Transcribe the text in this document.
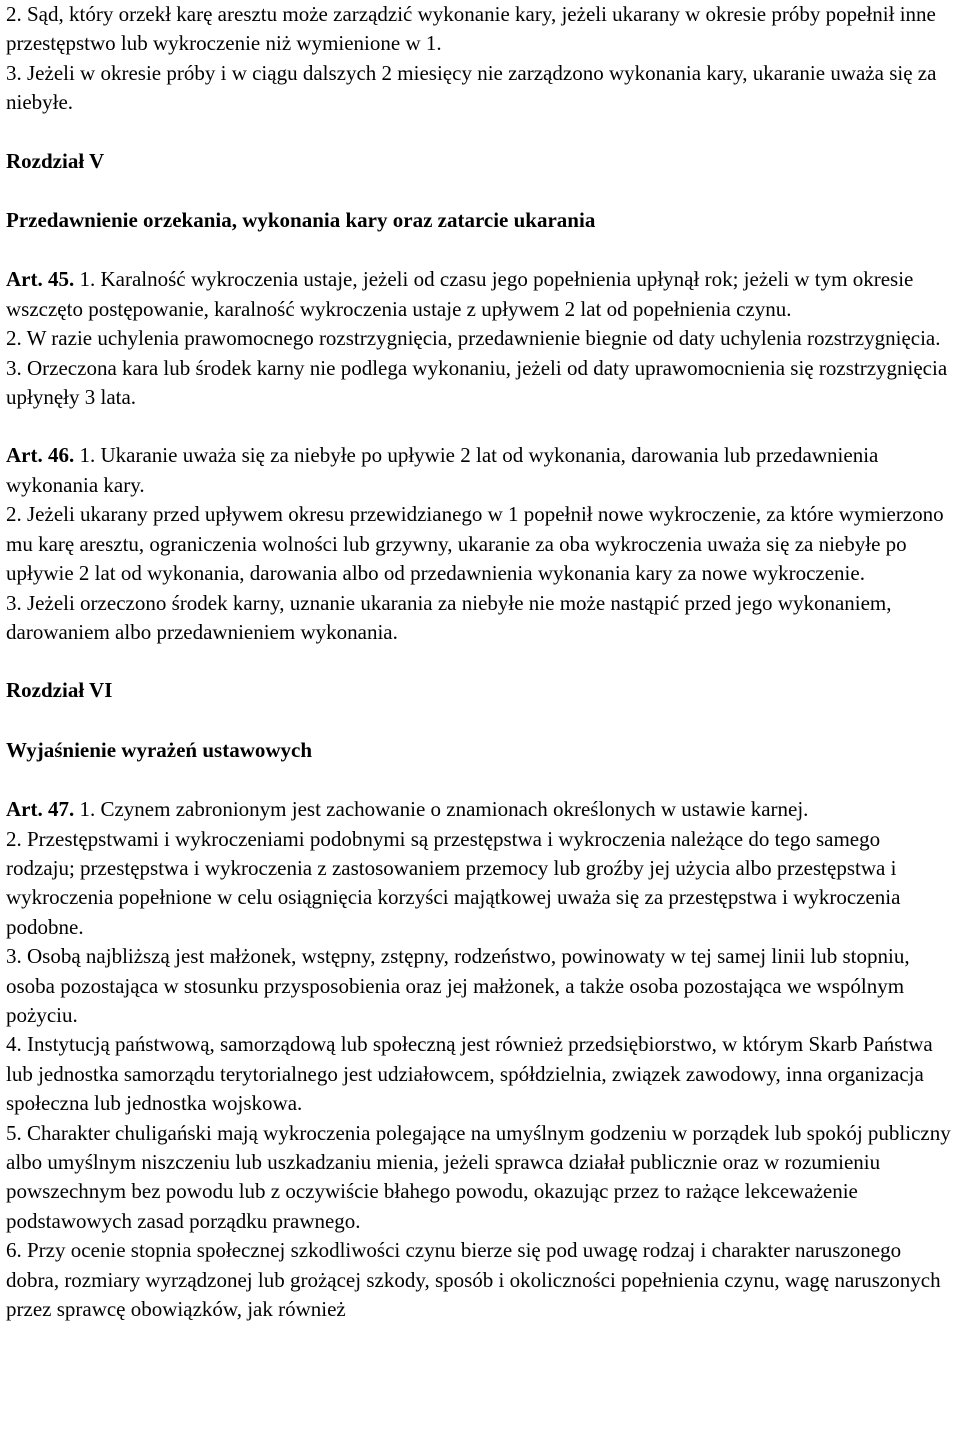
2. Sąd, który orzekł karę aresztu może zarządzić wykonanie kary, jeżeli ukarany w okresie próby popełnił inne przestępstwo lub wykroczenie niż wymienione w 1.

3. Jeżeli w okresie próby i w ciągu dalszych 2 miesięcy nie zarządzono wykonania kary, ukaranie uważa się za niebyłe.

Rozdział V

Przedawnienie orzekania, wykonania kary oraz zatarcie ukarania

Art. 45. 1. Karalność wykroczenia ustaje, jeżeli od czasu jego popełnienia upłynął rok; jeżeli w tym okresie wszczęto postępowanie, karalność wykroczenia ustaje z upływem 2 lat od popełnienia czynu.

2. W razie uchylenia prawomocnego rozstrzygnięcia, przedawnienie biegnie od daty uchylenia rozstrzygnięcia.

3. Orzeczona kara lub środek karny nie podlega wykonaniu, jeżeli od daty uprawomocnienia się rozstrzygnięcia upłynęły 3 lata.

Art. 46. 1. Ukaranie uważa się za niebyłe po upływie 2 lat od wykonania, darowania lub przedawnienia wykonania kary.

2. Jeżeli ukarany przed upływem okresu przewidzianego w 1 popełnił nowe wykroczenie, za które wymierzono mu karę aresztu, ograniczenia wolności lub grzywny, ukaranie za oba wykroczenia uważa się za niebyłe po upływie 2 lat od wykonania, darowania albo od przedawnienia wykonania kary za nowe wykroczenie.

3. Jeżeli orzeczono środek karny, uznanie ukarania za niebyłe nie może nastąpić przed jego wykonaniem, darowaniem albo przedawnieniem wykonania.

Rozdział VI

Wyjaśnienie wyrażeń ustawowych

Art. 47. 1. Czynem zabronionym jest zachowanie o znamionach określonych w ustawie karnej.

2. Przestępstwami i wykroczeniami podobnymi są przestępstwa i wykroczenia należące do tego samego rodzaju; przestępstwa i wykroczenia z zastosowaniem przemocy lub groźby jej użycia albo przestępstwa i wykroczenia popełnione w celu osiągnięcia korzyści majątkowej uważa się za przestępstwa i wykroczenia podobne.

3. Osobą najbliższą jest małżonek, wstępny, zstępny, rodzeństwo, powinowaty w tej samej linii lub stopniu, osoba pozostająca w stosunku przysposobienia oraz jej małżonek, a także osoba pozostająca we wspólnym pożyciu.

4. Instytucją państwową, samorządową lub społeczną jest również przedsiębiorstwo, w którym Skarb Państwa lub jednostka samorządu terytorialnego jest udziałowcem, spółdzielnia, związek zawodowy, inna organizacja społeczna lub jednostka wojskowa.

5. Charakter chuligański mają wykroczenia polegające na umyślnym godzeniu w porządek lub spokój publiczny albo umyślnym niszczeniu lub uszkadzaniu mienia, jeżeli sprawca działał publicznie oraz w rozumieniu powszechnym bez powodu lub z oczywiście błahego powodu, okazując przez to rażące lekceważenie podstawowych zasad porządku prawnego.

6. Przy ocenie stopnia społecznej szkodliwości czynu bierze się pod uwagę rodzaj i charakter naruszonego dobra, rozmiary wyrządzonej lub grożącej szkody, sposób i okoliczności popełnienia czynu, wagę naruszonych przez sprawcę obowiązków, jak również
